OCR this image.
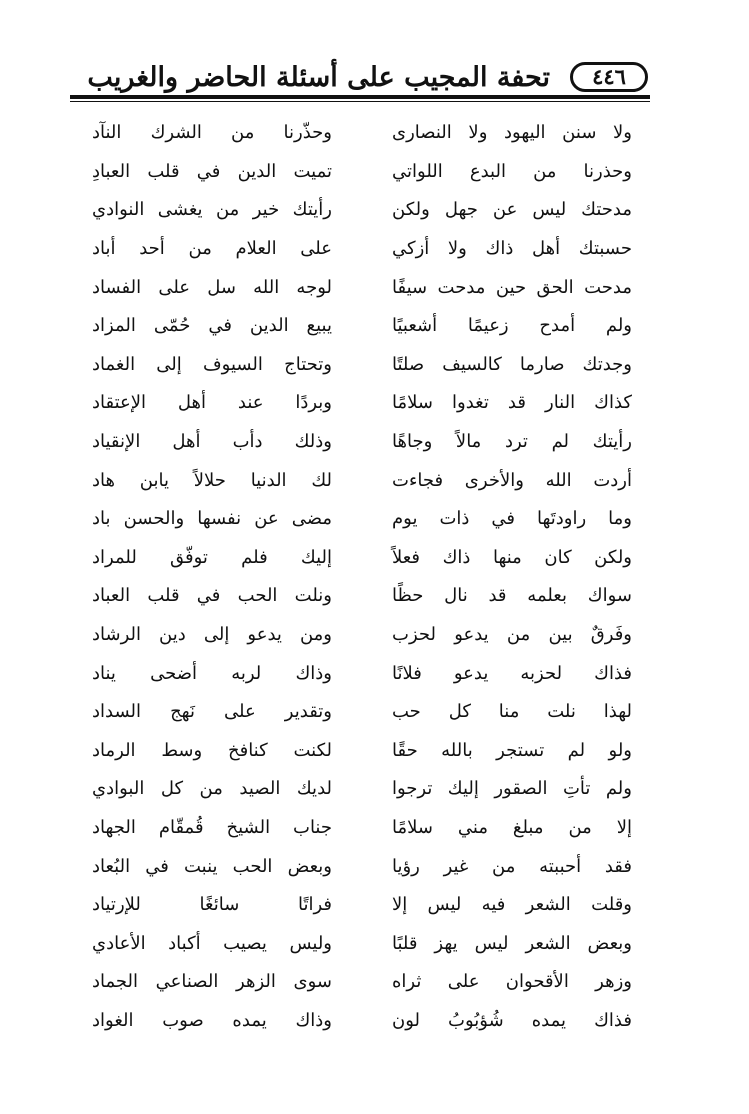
تحفة المجيب على أسئلة الحاضر والغريب	٤٤٦
ولا سنن اليهود ولا النصارى
وحذّرنا من الشرك النآد
وحذرنا من البدع اللواتي
تميت الدين في قلب العبادِ
مدحتك ليس عن جهل ولكن
رأيتك خير من يغشى النوادي
حسبتك أهل ذاك ولا أزكي
على العلام من أحد أباد
مدحت الحق حين مدحت سيفًا
لوجه الله سل على الفساد
ولم أمدح زعيمًا أشعبيًا
يبيع الدين في حُمّى المزاد
وجدتك صارما كالسيف صلتًا
وتحتاج السيوف إلى الغماد
كذاك النار قد تغدوا سلامًا
وبردًا عند أهل الإعتقاد
رأيتك لم ترد مالاً وجاهًا
وذلك دأب أهل الإنقياد
أردت الله والأخرى فجاءت
لك الدنيا حلالاً يابن هاد
وما راودتَها في ذات يوم
مضى عن نفسها والحسن باد
ولكن كان منها ذاك فعلاً
إليك فلم توفّق للمراد
سواك بعلمه قد نال حظًا
ونلت الحب في قلب العباد
وفَرقٌ بين من يدعو لحزب
ومن يدعو إلى دين الرشاد
فذاك لحزبه يدعو فلانًا
وذاك لربه أضحى يناد
لهذا نلت منا كل حب
وتقدير على نَهج السداد
ولو لم تستجر بالله حقًا
لكنت كنافخ وسط الرماد
ولم تأتِ الصقور إليك ترجوا
لديك الصيد من كل البوادي
إلا من مبلغ مني سلامًا
جناب الشيخ قُمقّام الجهاد
فقد أحببته من غير رؤيا
وبعض الحب ينبت في البُعاد
وقلت الشعر فيه ليس إلا
فراتًا سائغًا للإرتياد
وبعض الشعر ليس يهز قلبًا
وليس يصيب أكباد الأعادي
وزهر الأقحوان على ثراه
سوى الزهر الصناعي الجماد
فذاك يمده شُؤبُوبُ لون
وذاك يمده صوب الغواد
